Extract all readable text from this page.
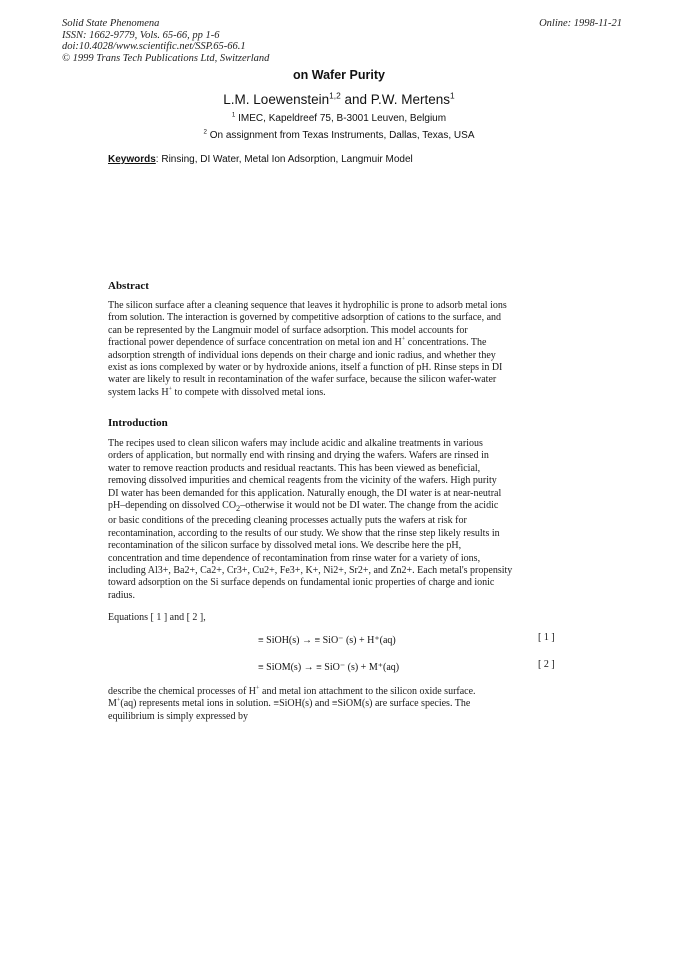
Solid State Phenomena
ISSN: 1662-9779, Vols. 65-66, pp 1-6
doi:10.4028/www.scientific.net/SSP.65-66.1
© 1999 Trans Tech Publications Ltd, Switzerland
Online: 1998-11-21
on Wafer Purity
L.M. Loewenstein$^{1,2}$ and P.W. Mertens$^1$
$^1$ IMEC, Kapeldreef 75, B-3001 Leuven, Belgium
$^2$ On assignment from Texas Instruments, Dallas, Texas, USA
Keywords: Rinsing, DI Water, Metal Ion Adsorption, Langmuir Model
Abstract

The silicon surface after a cleaning sequence that leaves it hydrophilic is prone to adsorb metal ions

from solution. The interaction is governed by competitive adsorption of cations to the surface, and

can be represented by the Langmuir model of surface adsorption. This model accounts for

fractional power dependence of surface concentration on metal ion and H+ concentrations. The

adsorption strength of individual ions depends on their charge and ionic radius, and whether they

exist as ions complexed by water or by hydroxide anions, itself a function of pH. Rinse steps in DI

water are likely to result in recontamination of the wafer surface, because the silicon wafer-water

system lacks H+ to compete with dissolved metal ions.

Introduction

The recipes used to clean silicon wafers may include acidic and alkaline treatments in various

orders of application, but normally end with rinsing and drying the wafers. Wafers are rinsed in

water to remove reaction products and residual reactants. This has been viewed as beneficial,

removing dissolved impurities and chemical reagents from the vicinity of the wafers. High purity

DI water has been demanded for this application. Naturally enough, the DI water is at near-neutral

pH–depending on dissolved $CO_2$–otherwise it would not be DI water. The change from the acidic

or basic conditions of the preceding cleaning processes actually puts the wafers at risk for

recontamination, according to the results of our study. We show that the rinse step likely results in

recontamination of the silicon surface by dissolved metal ions. We describe here the pH,

concentration and time dependence of recontamination from rinse water for a variety of ions,

including Al3+, Ba2+, Ca2+, Cr3+, Cu2+, Fe3+, K+, Ni2+, Sr2+, and Zn2+. Each metal's propensity

toward adsorption on the Si surface depends on fundamental ionic properties of charge and ionic

radius.

Equations [ 1 ] and [ 2 ],

≡ SiOH(s) → ≡ SiO⁻ (s) + H⁺(aq)	[ 1 ]
≡ SiOM(s) → ≡ SiO⁻ (s) + M⁺(aq)	[ 2 ]

describe the chemical processes of H+ and metal ion attachment to the silicon oxide surface.

M+(aq) represents metal ions in solution. ≡SiOH(s) and ≡SiOM(s) are surface species. The

equilibrium is simply expressed by
